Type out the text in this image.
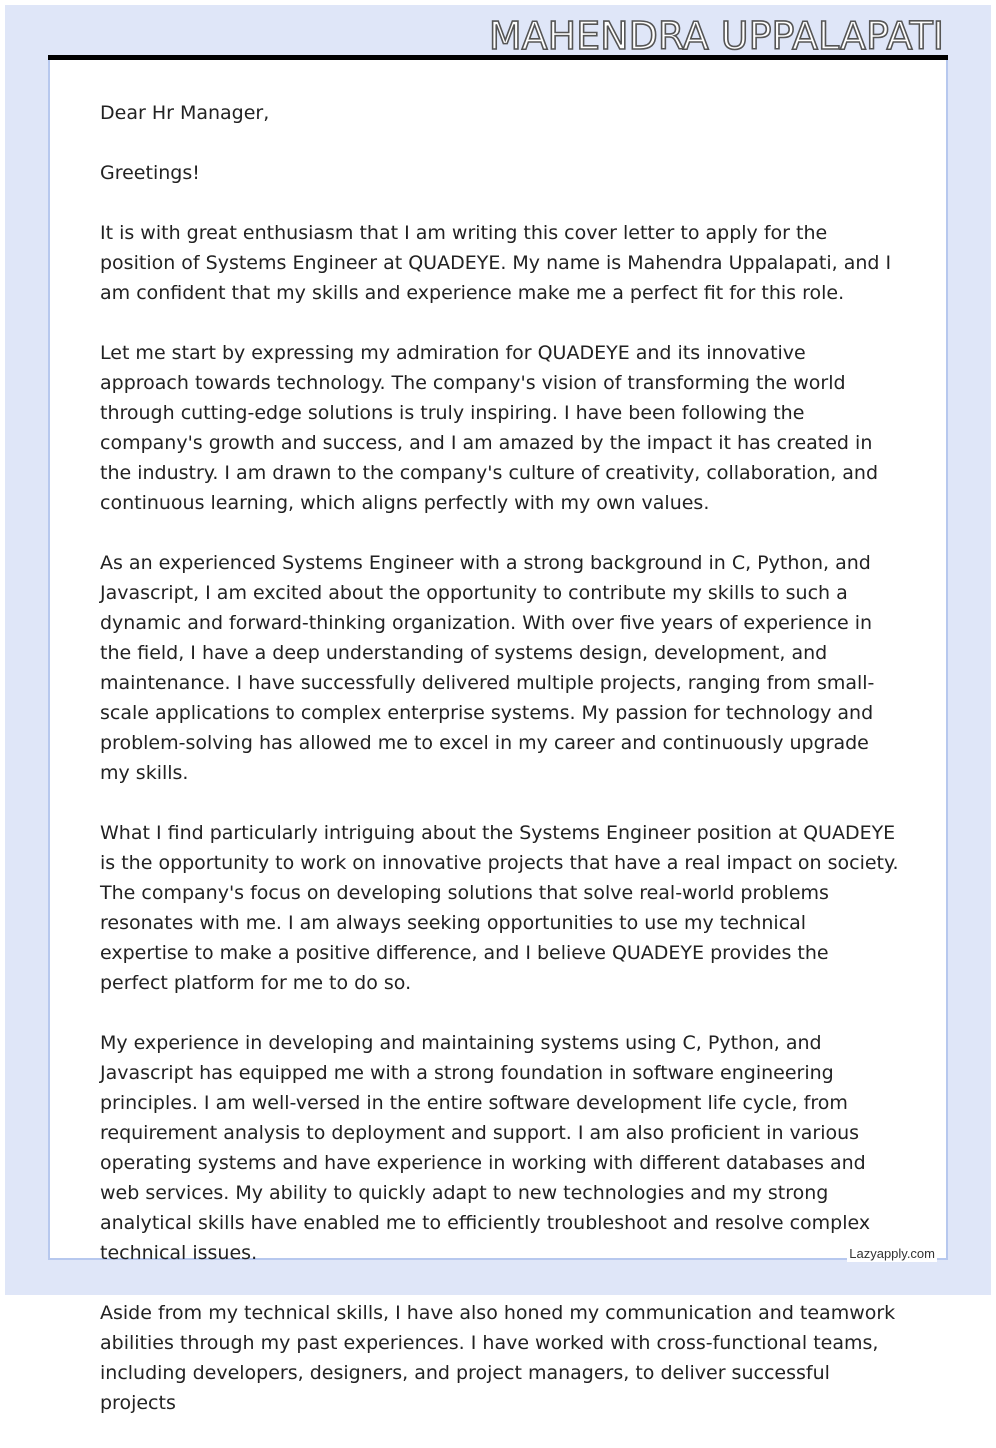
MAHENDRA UPPALAPATI

Dear Hr Manager,

Greetings!

It is with great enthusiasm that I am writing this cover letter to apply for the position of Systems Engineer at QUADEYE. My name is Mahendra Uppalapati, and I am confident that my skills and experience make me a perfect fit for this role.

Let me start by expressing my admiration for QUADEYE and its innovative approach towards technology. The company's vision of transforming the world through cutting-edge solutions is truly inspiring. I have been following the company's growth and success, and I am amazed by the impact it has created in the industry. I am drawn to the company's culture of creativity, collaboration, and continuous learning, which aligns perfectly with my own values.

As an experienced Systems Engineer with a strong background in C, Python, and Javascript, I am excited about the opportunity to contribute my skills to such a dynamic and forward-thinking organization. With over five years of experience in the field, I have a deep understanding of systems design, development, and maintenance. I have successfully delivered multiple projects, ranging from small-scale applications to complex enterprise systems. My passion for technology and problem-solving has allowed me to excel in my career and continuously upgrade my skills.

What I find particularly intriguing about the Systems Engineer position at QUADEYE is the opportunity to work on innovative projects that have a real impact on society. The company's focus on developing solutions that solve real-world problems resonates with me. I am always seeking opportunities to use my technical expertise to make a positive difference, and I believe QUADEYE provides the perfect platform for me to do so.

My experience in developing and maintaining systems using C, Python, and Javascript has equipped me with a strong foundation in software engineering principles. I am well-versed in the entire software development life cycle, from requirement analysis to deployment and support. I am also proficient in various operating systems and have experience in working with different databases and web services. My ability to quickly adapt to new technologies and my strong analytical skills have enabled me to efficiently troubleshoot and resolve complex technical issues.

Aside from my technical skills, I have also honed my communication and teamwork abilities through my past experiences. I have worked with cross-functional teams, including developers, designers, and project managers, to deliver successful projects

Lazyapply.com
